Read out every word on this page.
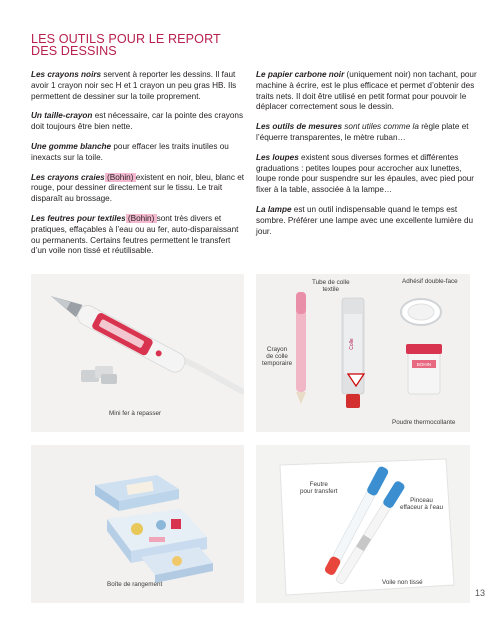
LES OUTILS POUR LE REPORT
DES DESSINS

Les crayons noirs servent à reporter les dessins. Il faut avoir 1 crayon noir sec H et 1 crayon un peu gras HB. Ils permettent de dessiner sur la toile proprement.

Un taille-crayon est nécessaire, car la pointe des crayons doit toujours être bien nette.

Une gomme blanche pour effacer les traits inutiles ou inexacts sur la toile.

Les crayons craies (Bohin) existent en noir, bleu, blanc et rouge, pour dessiner directement sur le tissu. Le trait disparaît au brossage.

Les feutres pour textiles (Bohin) sont très divers et pratiques, effaçables à l’eau ou au fer, auto-disparaissant ou permanents. Certains feutres permettent le transfert d’un voile non tissé et réutilisable.

Le papier carbone noir (uniquement noir) non tachant, pour machine à écrire, est le plus efficace et permet d’obtenir des traits nets. Il doit être utilisé en petit format pour pouvoir le déplacer correctement sous le dessin.

Les outils de mesures sont utiles comme la règle plate et l’équerre transparentes, le mètre ruban…

Les loupes existent sous diverses formes et différentes graduations : petites loupes pour accrocher aux lunettes, loupe ronde pour suspendre sur les épaules, avec pied pour fixer à la table, associée à la lampe…

La lampe est un outil indispensable quand le temps est sombre. Préférer une lampe avec une excellente lumière du jour.

Mini fer à repasser
Colle
BOHIN
Tube de colle
textile
Adhésif double-face
Crayon
de colle
temporaire
Poudre thermocollante
Boîte de rangement
Feutre
pour transfert
Pinceau
effaceur à l’eau
Voile non tissé
13
